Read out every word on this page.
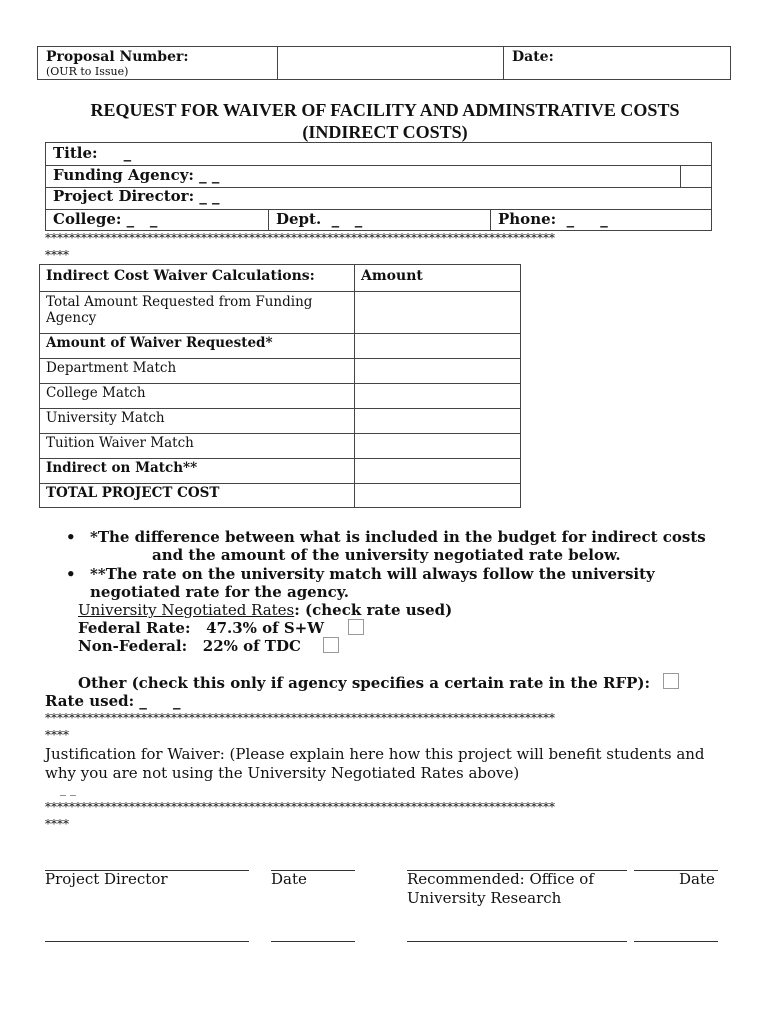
Proposal Number:
(OUR to Issue)
Date:
REQUEST FOR WAIVER OF FACILITY AND ADMINSTRATIVE COSTS
(INDIRECT COSTS)
Title:     _
Funding Agency: _ _
Project Director: _ _
College: _   _	Dept.  _   _	Phone:  _     _
*************************************************************************************
****
Indirect Cost Waiver Calculations:	Amount
Total Amount Requested from Funding Agency
Amount of Waiver Requested*
Department Match
College Match
University Match
Tuition Waiver Match
Indirect on Match**
TOTAL PROJECT COST
• *The difference between what is included in the budget for indirect costs
and the amount of the university negotiated rate below.
• **The rate on the university match will always follow the university
negotiated rate for the agency.
University Negotiated Rates: (check rate used)
Federal Rate:   47.3% of S+W
Non-Federal:   22% of TDC
Other (check this only if agency specifies a certain rate in the RFP):
Rate used: _     _
*************************************************************************************
****
Justification for Waiver: (Please explain here how this project will benefit students and
why you are not using the University Negotiated Rates above)
_ _
*************************************************************************************
****
Project Director	Date	Recommended: Office of
University Research
Date
